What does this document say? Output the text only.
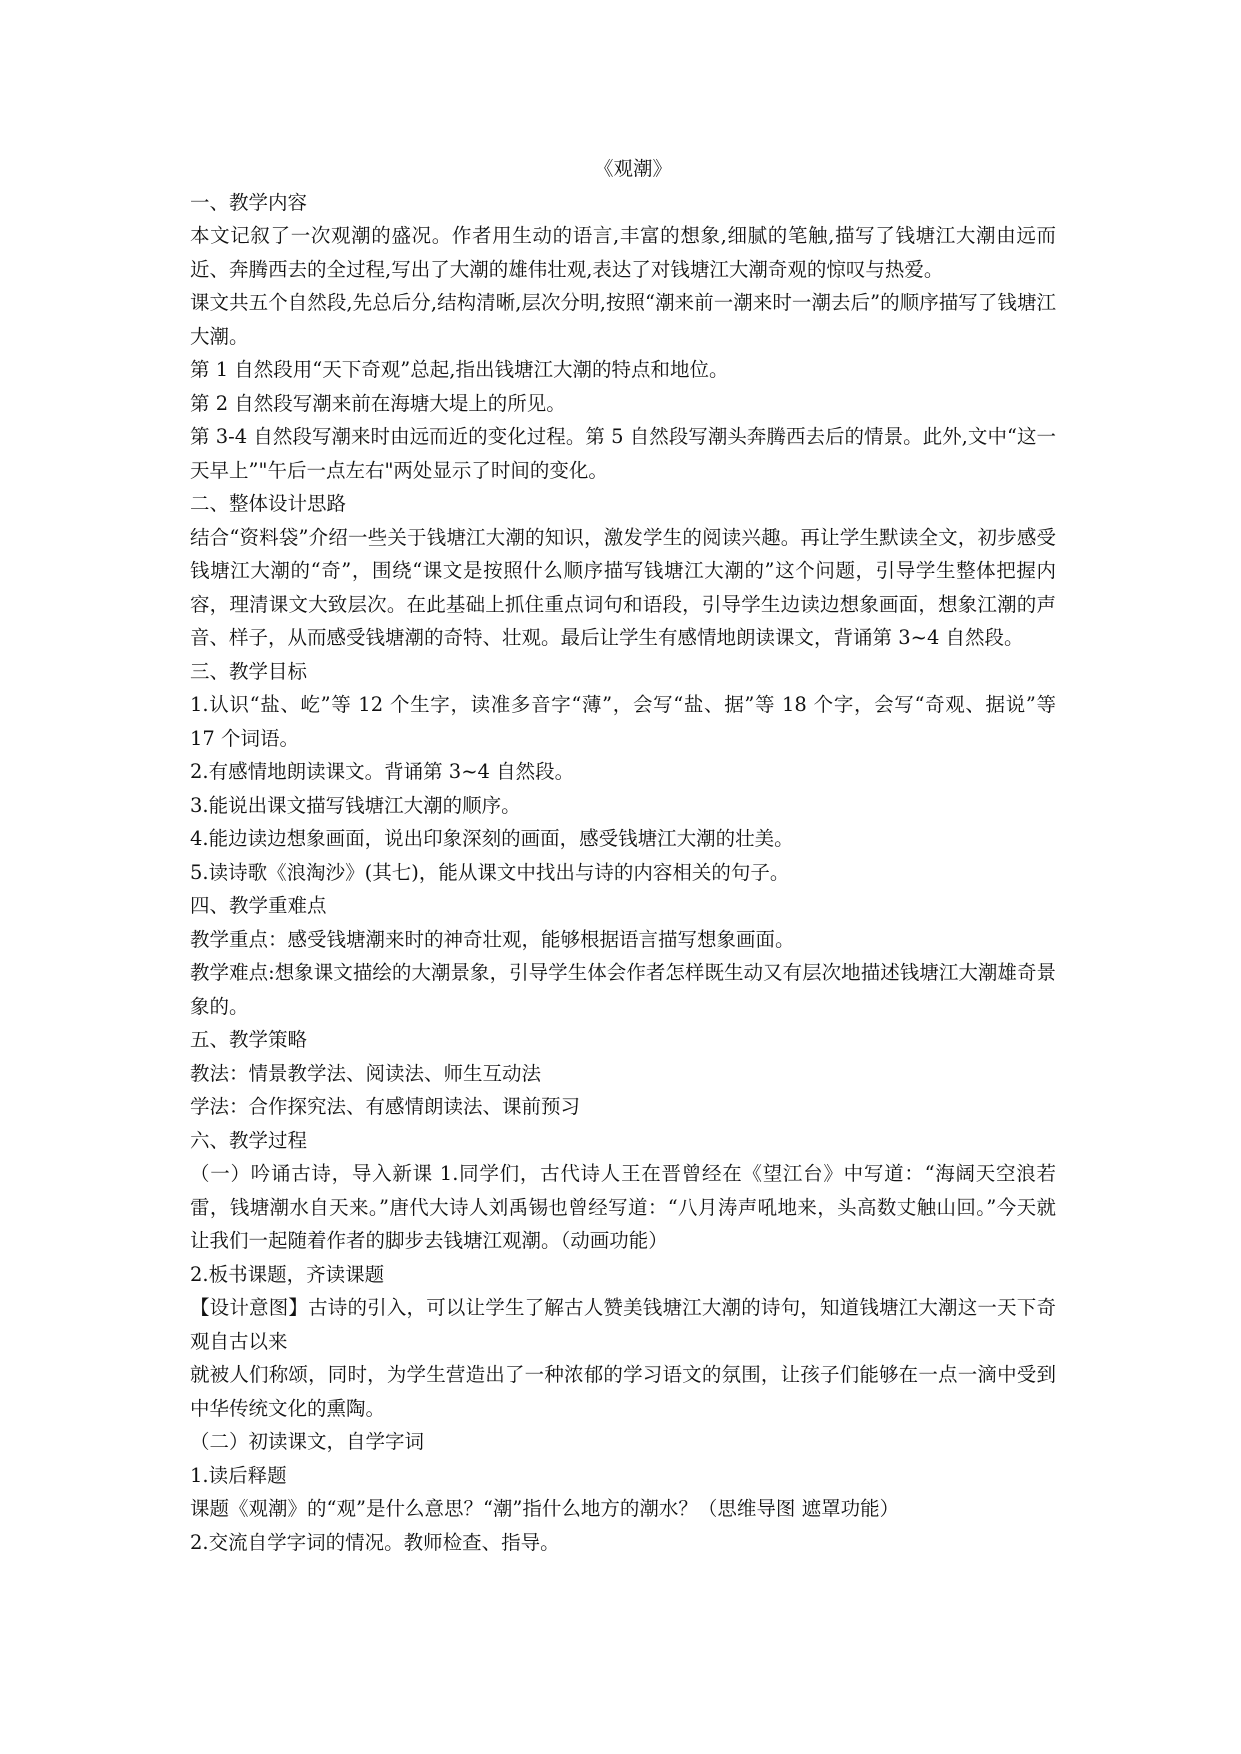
《观潮》

一、教学内容

本文记叙了一次观潮的盛况。作者用生动的语言,丰富的想象,细腻的笔触,描写了钱塘江大潮由远而近、奔腾西去的全过程,写出了大潮的雄伟壮观,表达了对钱塘江大潮奇观的惊叹与热爱。

课文共五个自然段,先总后分,结构清晰,层次分明,按照“潮来前一潮来时一潮去后”的顺序描写了钱塘江大潮。

第 1 自然段用“天下奇观”总起,指出钱塘江大潮的特点和地位。

第 2 自然段写潮来前在海塘大堤上的所见。

第 3-4 自然段写潮来时由远而近的变化过程。第 5 自然段写潮头奔腾西去后的情景。此外,文中“这一天早上”"午后一点左右"两处显示了时间的变化。

二、整体设计思路

结合“资料袋”介绍一些关于钱塘江大潮的知识，激发学生的阅读兴趣。再让学生默读全文，初步感受钱塘江大潮的“奇”，围绕“课文是按照什么顺序描写钱塘江大潮的”这个问题，引导学生整体把握内容，理清课文大致层次。在此基础上抓住重点词句和语段，引导学生边读边想象画面，想象江潮的声音、样子，从而感受钱塘潮的奇特、壮观。最后让学生有感情地朗读课文，背诵第 3~4 自然段。

三、教学目标

1.认识“盐、屹”等 12 个生字，读准多音字“薄”，会写“盐、据”等 18 个字，会写“奇观、据说”等 17 个词语。

2.有感情地朗读课文。背诵第 3~4 自然段。

3.能说出课文描写钱塘江大潮的顺序。

4.能边读边想象画面，说出印象深刻的画面，感受钱塘江大潮的壮美。

5.读诗歌《浪淘沙》(其七)，能从课文中找出与诗的内容相关的句子。

四、教学重难点

教学重点：感受钱塘潮来时的神奇壮观，能够根据语言描写想象画面。

教学难点:想象课文描绘的大潮景象，引导学生体会作者怎样既生动又有层次地描述钱塘江大潮雄奇景象的。

五、教学策略

教法：情景教学法、阅读法、师生互动法

学法：合作探究法、有感情朗读法、课前预习

六、教学过程

（一）吟诵古诗，导入新课 1.同学们，古代诗人王在晋曾经在《望江台》中写道：“海阔天空浪若雷，钱塘潮水自天来。”唐代大诗人刘禹锡也曾经写道：“八月涛声吼地来，头高数丈触山回。”今天就让我们一起随着作者的脚步去钱塘江观潮。（动画功能）

2.板书课题，齐读课题

【设计意图】古诗的引入，可以让学生了解古人赞美钱塘江大潮的诗句，知道钱塘江大潮这一天下奇观自古以来

就被人们称颂，同时，为学生营造出了一种浓郁的学习语文的氛围，让孩子们能够在一点一滴中受到中华传统文化的熏陶。

（二）初读课文，自学字词

1.读后释题

课题《观潮》的“观”是什么意思？“潮”指什么地方的潮水？（思维导图 遮罩功能）

2.交流自学字词的情况。教师检查、指导。
